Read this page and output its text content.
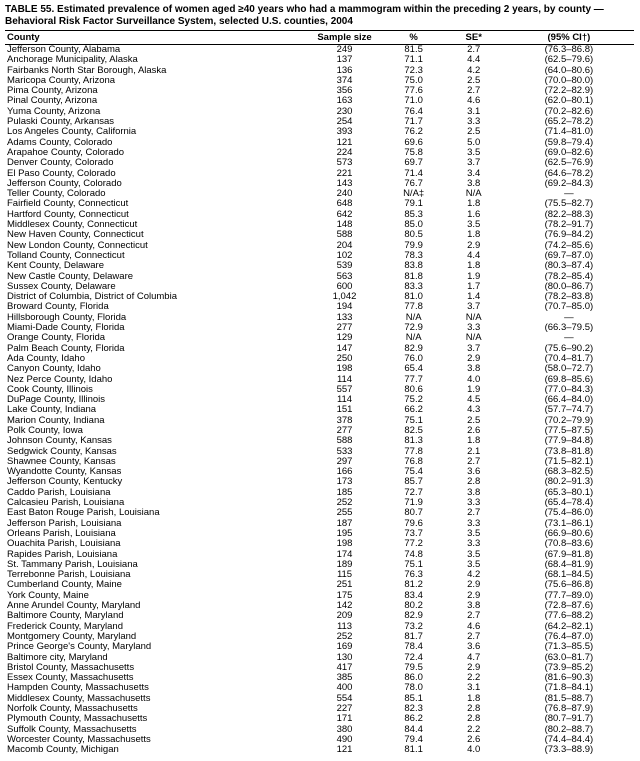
TABLE 55. Estimated prevalence of women aged ≥40 years who had a mammogram within the preceding 2 years, by county — Behavioral Risk Factor Surveillance System, selected U.S. counties, 2004
County	Sample size	%	SE*	(95% CI†)
Jefferson County, Alabama	249	81.5	2.7	(76.3–86.8)
Anchorage Municipality, Alaska	137	71.1	4.4	(62.5–79.6)
Fairbanks North Star Borough, Alaska	136	72.3	4.2	(64.0–80.6)
Maricopa County, Arizona	374	75.0	2.5	(70.0–80.0)
Pima County, Arizona	356	77.6	2.7	(72.2–82.9)
Pinal County, Arizona	163	71.0	4.6	(62.0–80.1)
Yuma County, Arizona	230	76.4	3.1	(70.2–82.6)
Pulaski County, Arkansas	254	71.7	3.3	(65.2–78.2)
Los Angeles County, California	393	76.2	2.5	(71.4–81.0)
Adams County, Colorado	121	69.6	5.0	(59.8–79.4)
Arapahoe County, Colorado	224	75.8	3.5	(69.0–82.6)
Denver County, Colorado	573	69.7	3.7	(62.5–76.9)
El Paso County, Colorado	221	71.4	3.4	(64.6–78.2)
Jefferson County, Colorado	143	76.7	3.8	(69.2–84.3)
Teller County, Colorado	240	N/A‡	N/A	—
Fairfield County, Connecticut	648	79.1	1.8	(75.5–82.7)
Hartford County, Connecticut	642	85.3	1.6	(82.2–88.3)
Middlesex County, Connecticut	148	85.0	3.5	(78.2–91.7)
New Haven County, Connecticut	588	80.5	1.8	(76.9–84.2)
New London County, Connecticut	204	79.9	2.9	(74.2–85.6)
Tolland County, Connecticut	102	78.3	4.4	(69.7–87.0)
Kent County, Delaware	539	83.8	1.8	(80.3–87.4)
New Castle County, Delaware	563	81.8	1.9	(78.2–85.4)
Sussex County, Delaware	600	83.3	1.7	(80.0–86.7)
District of Columbia, District of Columbia	1,042	81.0	1.4	(78.2–83.8)
Broward County, Florida	194	77.8	3.7	(70.7–85.0)
Hillsborough County, Florida	133	N/A	N/A	—
Miami-Dade County, Florida	277	72.9	3.3	(66.3–79.5)
Orange County, Florida	129	N/A	N/A	—
Palm Beach County, Florida	147	82.9	3.7	(75.6–90.2)
Ada County, Idaho	250	76.0	2.9	(70.4–81.7)
Canyon County, Idaho	198	65.4	3.8	(58.0–72.7)
Nez Perce County, Idaho	114	77.7	4.0	(69.8–85.6)
Cook County, Illinois	557	80.6	1.9	(77.0–84.3)
DuPage County, Illinois	114	75.2	4.5	(66.4–84.0)
Lake County, Indiana	151	66.2	4.3	(57.7–74.7)
Marion County, Indiana	378	75.1	2.5	(70.2–79.9)
Polk County, Iowa	277	82.5	2.6	(77.5–87.5)
Johnson County, Kansas	588	81.3	1.8	(77.9–84.8)
Sedgwick County, Kansas	533	77.8	2.1	(73.8–81.8)
Shawnee County, Kansas	297	76.8	2.7	(71.5–82.1)
Wyandotte County, Kansas	166	75.4	3.6	(68.3–82.5)
Jefferson County, Kentucky	173	85.7	2.8	(80.2–91.3)
Caddo Parish, Louisiana	185	72.7	3.8	(65.3–80.1)
Calcasieu Parish, Louisiana	252	71.9	3.3	(65.4–78.4)
East Baton Rouge Parish, Louisiana	255	80.7	2.7	(75.4–86.0)
Jefferson Parish, Louisiana	187	79.6	3.3	(73.1–86.1)
Orleans Parish, Louisiana	195	73.7	3.5	(66.9–80.6)
Ouachita Parish, Louisiana	198	77.2	3.3	(70.8–83.6)
Rapides Parish, Louisiana	174	74.8	3.5	(67.9–81.8)
St. Tammany Parish, Louisiana	189	75.1	3.5	(68.4–81.9)
Terrebonne Parish, Louisiana	115	76.3	4.2	(68.1–84.5)
Cumberland County, Maine	251	81.2	2.9	(75.6–86.8)
York County, Maine	175	83.4	2.9	(77.7–89.0)
Anne Arundel County, Maryland	142	80.2	3.8	(72.8–87.6)
Baltimore County, Maryland	209	82.9	2.7	(77.6–88.2)
Frederick County, Maryland	113	73.2	4.6	(64.2–82.1)
Montgomery County, Maryland	252	81.7	2.7	(76.4–87.0)
Prince George's County, Maryland	169	78.4	3.6	(71.3–85.5)
Baltimore city, Maryland	130	72.4	4.7	(63.0–81.7)
Bristol County, Massachusetts	417	79.5	2.9	(73.9–85.2)
Essex County, Massachusetts	385	86.0	2.2	(81.6–90.3)
Hampden County, Massachusetts	400	78.0	3.1	(71.8–84.1)
Middlesex County, Massachusetts	554	85.1	1.8	(81.5–88.7)
Norfolk County, Massachusetts	227	82.3	2.8	(76.8–87.9)
Plymouth County, Massachusetts	171	86.2	2.8	(80.7–91.7)
Suffolk County, Massachusetts	380	84.4	2.2	(80.2–88.7)
Worcester County, Massachusetts	490	79.4	2.6	(74.4–84.4)
Macomb County, Michigan	121	81.1	4.0	(73.3–88.9)
